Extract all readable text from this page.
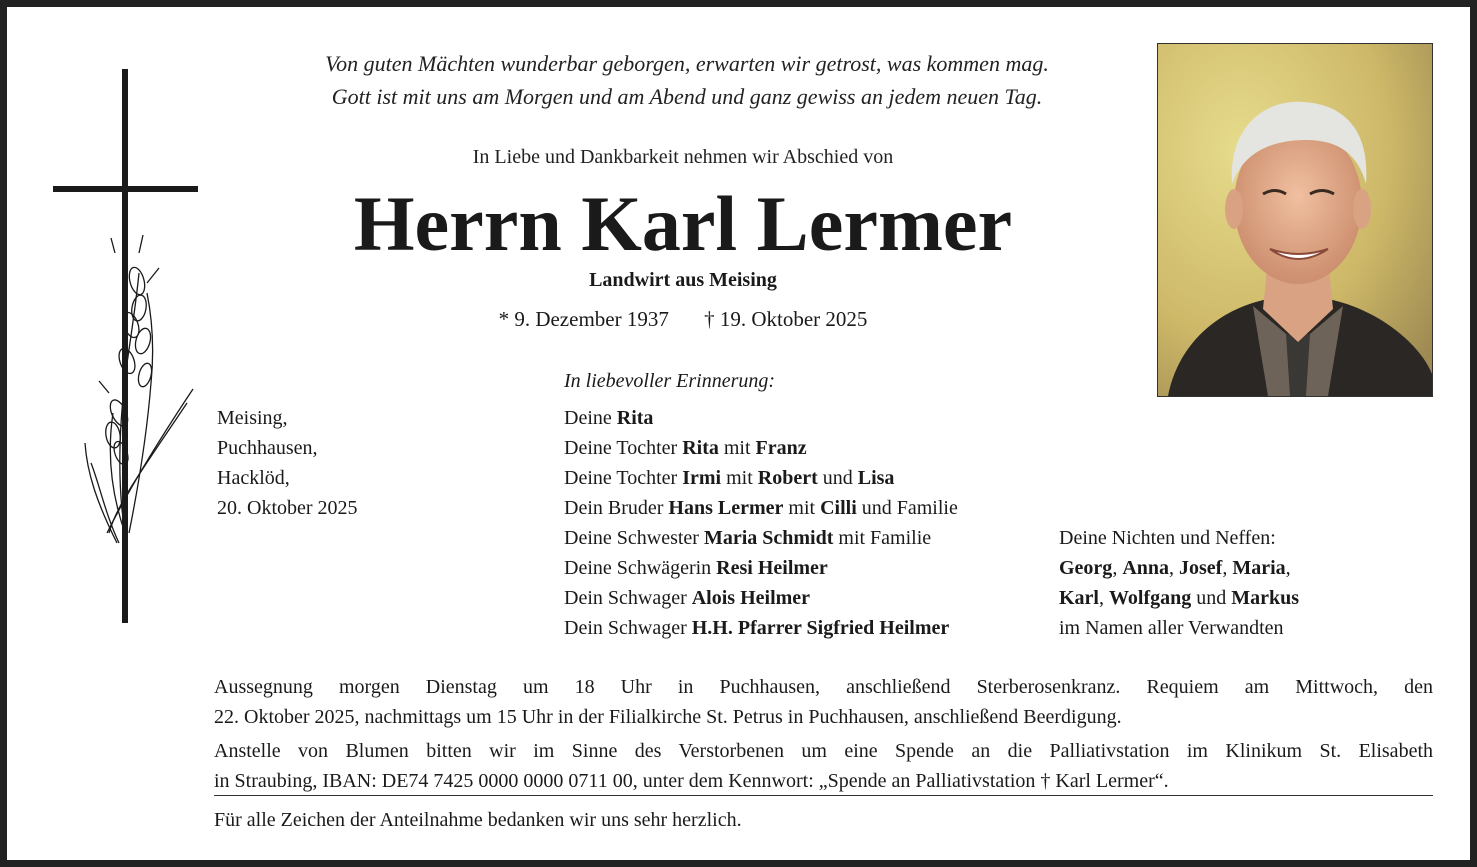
Von guten Mächten wunderbar geborgen, erwarten wir getrost, was kommen mag.
Gott ist mit uns am Morgen und am Abend und ganz gewiss an jedem neuen Tag.
In Liebe und Dankbarkeit nehmen wir Abschied von
Herrn Karl Lermer
Landwirt aus Meising
* 9. Dezember 1937 † 19. Oktober 2025
Meising,
Puchhausen,
Hacklöd,
20. Oktober 2025
In liebevoller Erinnerung:
Deine Rita
Deine Tochter Rita mit Franz
Deine Tochter Irmi mit Robert und Lisa
Dein Bruder Hans Lermer mit Cilli und Familie
Deine Schwester Maria Schmidt mit Familie
Deine Schwägerin Resi Heilmer
Dein Schwager Alois Heilmer
Dein Schwager H.H. Pfarrer Sigfried Heilmer
Deine Nichten und Neffen:
Georg, Anna, Josef, Maria,
Karl, Wolfgang und Markus
im Namen aller Verwandten
Aussegnung morgen Dienstag um 18 Uhr in Puchhausen, anschließend Sterberosenkranz. Requiem am Mittwoch, den
22. Oktober 2025, nachmittags um 15 Uhr in der Filialkirche St. Petrus in Puchhausen, anschließend Beerdigung.
Anstelle von Blumen bitten wir im Sinne des Verstorbenen um eine Spende an die Palliativstation im Klinikum St. Elisabeth
in Straubing, IBAN: DE74 7425 0000 0000 0711 00, unter dem Kennwort: „Spende an Palliativstation † Karl Lermer“.
Für alle Zeichen der Anteilnahme bedanken wir uns sehr herzlich.
